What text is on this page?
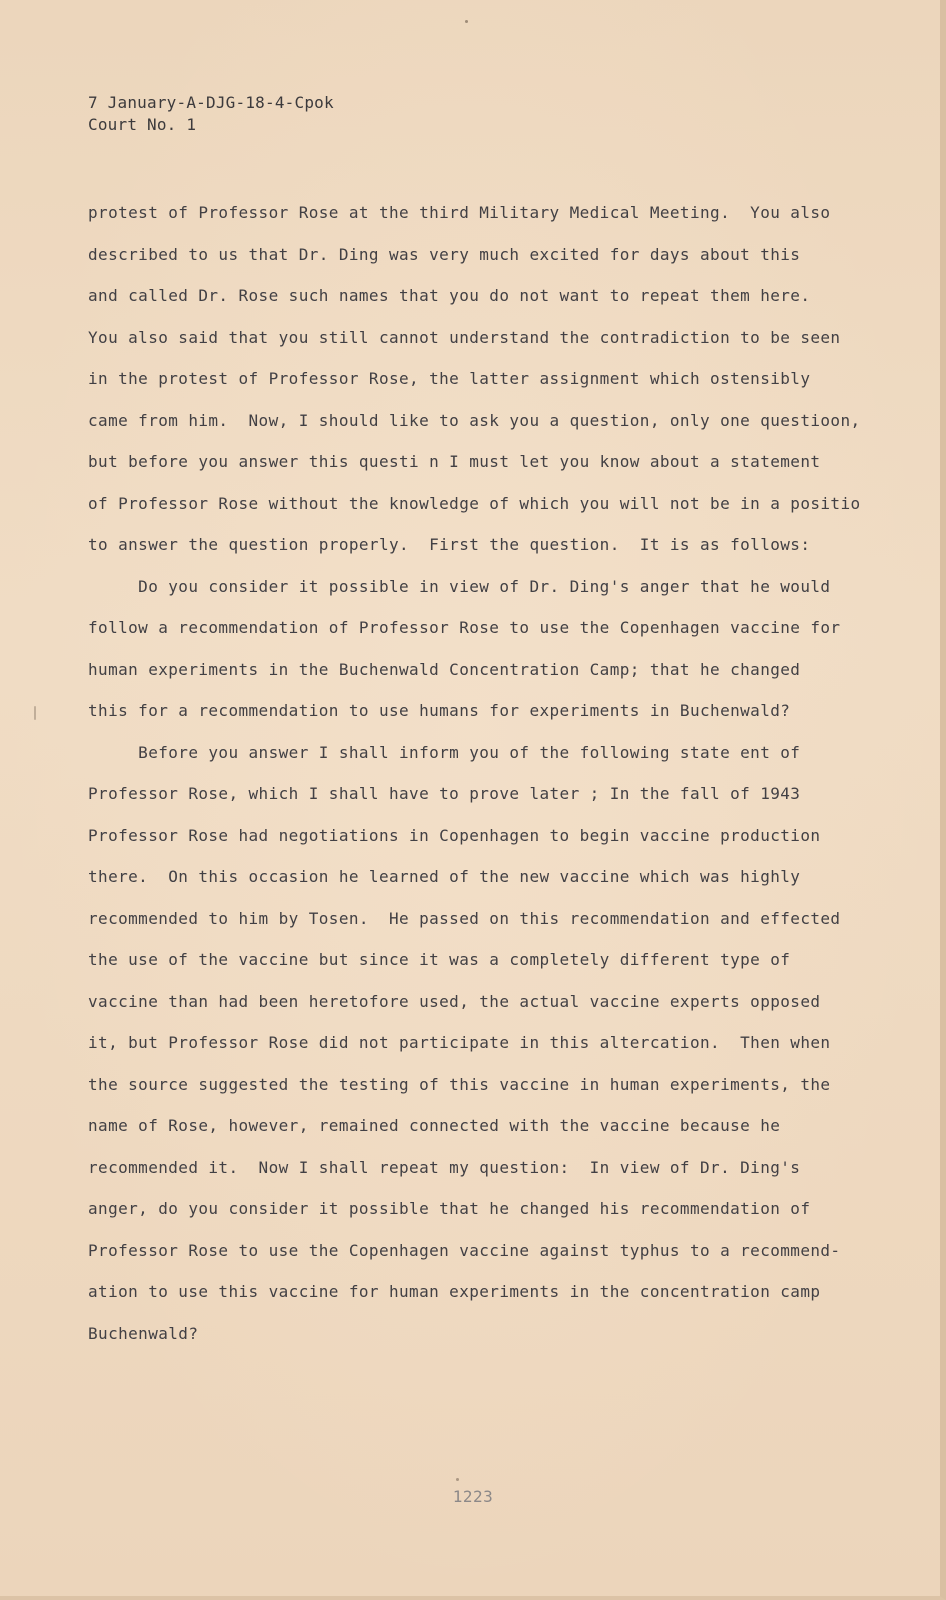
7 January-A-DJG-18-4-Cpok
Court No. 1
protest of Professor Rose at the third Military Medical Meeting.  You also
described to us that Dr. Ding was very much excited for days about this
and called Dr. Rose such names that you do not want to repeat them here.
You also said that you still cannot understand the contradiction to be seen
in the protest of Professor Rose, the latter assignment which ostensibly
came from him.  Now, I should like to ask you a question, only one questioon,
but before you answer this questi n I must let you know about a statement
of Professor Rose without the knowledge of which you will not be in a positio
to answer the question properly.  First the question.  It is as follows:
Do you consider it possible in view of Dr. Ding's anger that he would
follow a recommendation of Professor Rose to use the Copenhagen vaccine for
human experiments in the Buchenwald Concentration Camp; that he changed
this for a recommendation to use humans for experiments in Buchenwald?
Before you answer I shall inform you of the following state ent of
Professor Rose, which I shall have to prove later ; In the fall of 1943
Professor Rose had negotiations in Copenhagen to begin vaccine production
there.  On this occasion he learned of the new vaccine which was highly
recommended to him by Tosen.  He passed on this recommendation and effected
the use of the vaccine but since it was a completely different type of
vaccine than had been heretofore used, the actual vaccine experts opposed
it, but Professor Rose did not participate in this altercation.  Then when
the source suggested the testing of this vaccine in human experiments, the
name of Rose, however, remained connected with the vaccine because he
recommended it.  Now I shall repeat my question:  In view of Dr. Ding's
anger, do you consider it possible that he changed his recommendation of
Professor Rose to use the Copenhagen vaccine against typhus to a recommend-
ation to use this vaccine for human experiments in the concentration camp
Buchenwald?
1223
